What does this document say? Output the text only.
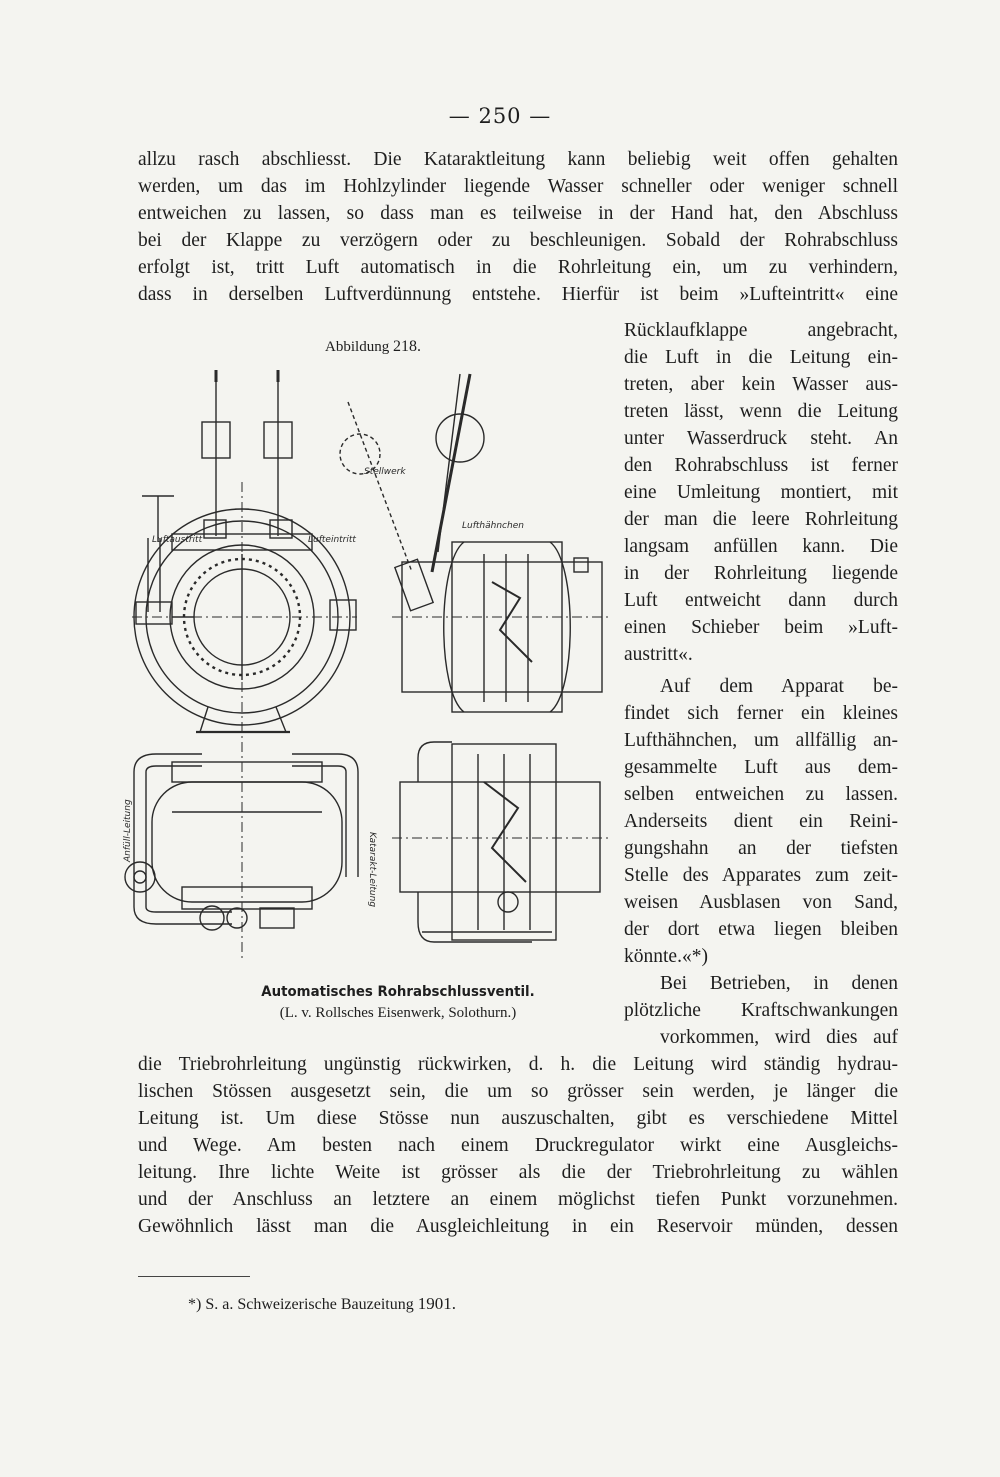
— 250 —
allzu rasch abschliesst. Die Kataraktleitung kann beliebig weit offen gehalten
werden, um das im Hohlzylinder liegende Wasser schneller oder weniger schnell
entweichen zu lassen, so dass man es teilweise in der Hand hat, den Abschluss
bei der Klappe zu verzögern oder zu beschleunigen. Sobald der Rohrabschluss
erfolgt ist, tritt Luft automatisch in die Rohrleitung ein, um zu verhindern,
dass in derselben Luftverdünnung entstehe. Hierfür ist beim »Lufteintritt« eine
Rücklaufklappe angebracht,
die Luft in die Leitung ein-
treten, aber kein Wasser aus-
treten lässt, wenn die Leitung
unter Wasserdruck steht. An
den Rohrabschluss ist ferner
eine Umleitung montiert, mit
der man die leere Rohrleitung
langsam anfüllen kann. Die
in der Rohrleitung liegende
Luft entweicht dann durch
einen Schieber beim »Luft-
austritt«.
Auf dem Apparat be-
findet sich ferner ein kleines
Lufthähnchen, um allfällig an-
gesammelte Luft aus dem-
selben entweichen zu lassen.
Anderseits dient ein Reini-
gungshahn an der tiefsten
Stelle des Apparates zum zeit-
weisen Ausblasen von Sand,
der dort etwa liegen bleiben
könnte.«*)
Bei Betrieben, in denen
plötzliche Kraftschwankungen
vorkommen, wird dies auf
die Triebrohrleitung ungünstig rückwirken, d. h. die Leitung wird ständig hydrau-
lischen Stössen ausgesetzt sein, die um so grösser sein werden, je länger die
Leitung ist. Um diese Stösse nun auszuschalten, gibt es verschiedene Mittel
und Wege. Am besten nach einem Druckregulator wirkt eine Ausgleichs-
leitung. Ihre lichte Weite ist grösser als die der Triebrohrleitung zu wählen
und der Anschluss an letztere an einem möglichst tiefen Punkt vorzunehmen.
Gewöhnlich lässt man die Ausgleichleitung in ein Reservoir münden, dessen
Abbildung 218.
Luftaustritt	Lufteintritt
Stellwerk
Lufthähnchen
Anfüll-Leitung
Katarakt-Leitung
Automatisches Rohrabschlussventil.
(L. v. Rollsches Eisenwerk, Solothurn.)
*) S. a. Schweizerische Bauzeitung 1901.
